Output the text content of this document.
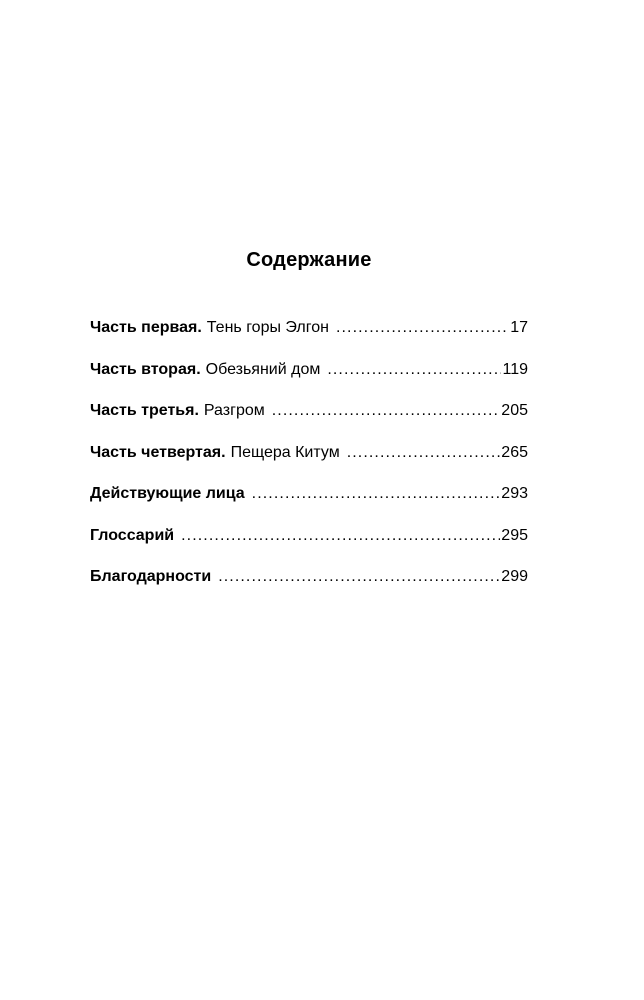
Содержание
Часть первая. Тень горы Элгон .....	17
Часть вторая. Обезьяний дом .....	119
Часть третья. Разгром .....	205
Часть четвертая. Пещера Китум .....	265
Действующие лица .....	293
Глоссарий .....	295
Благодарности .....	299
